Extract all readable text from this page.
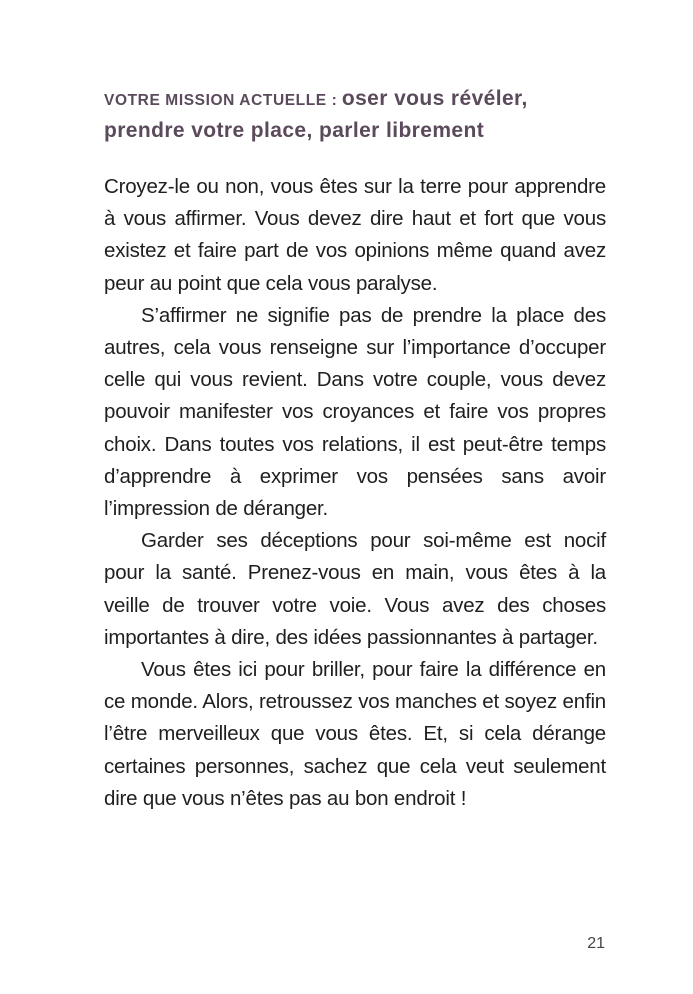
VOTRE MISSION ACTUELLE : oser vous révéler,
prendre votre place, parler librement

Croyez-le ou non, vous êtes sur la terre pour apprendre à vous affirmer. Vous devez dire haut et fort que vous existez et faire part de vos opinions même quand avez peur au point que cela vous paralyse.

S’affirmer ne signifie pas de prendre la place des autres, cela vous renseigne sur l’importance d’occuper celle qui vous revient. Dans votre couple, vous devez pouvoir manifester vos croyances et faire vos propres choix. Dans toutes vos relations, il est peut-être temps d’apprendre à exprimer vos pensées sans avoir l’impression de déranger.

Garder ses déceptions pour soi-même est nocif pour la santé. Prenez-vous en main, vous êtes à la veille de trouver votre voie. Vous avez des choses importantes à dire, des idées passionnantes à partager.

Vous êtes ici pour briller, pour faire la différence en ce monde. Alors, retroussez vos manches et soyez enfin l’être merveilleux que vous êtes. Et, si cela dérange certaines personnes, sachez que cela veut seulement dire que vous n’êtes pas au bon endroit !

21
